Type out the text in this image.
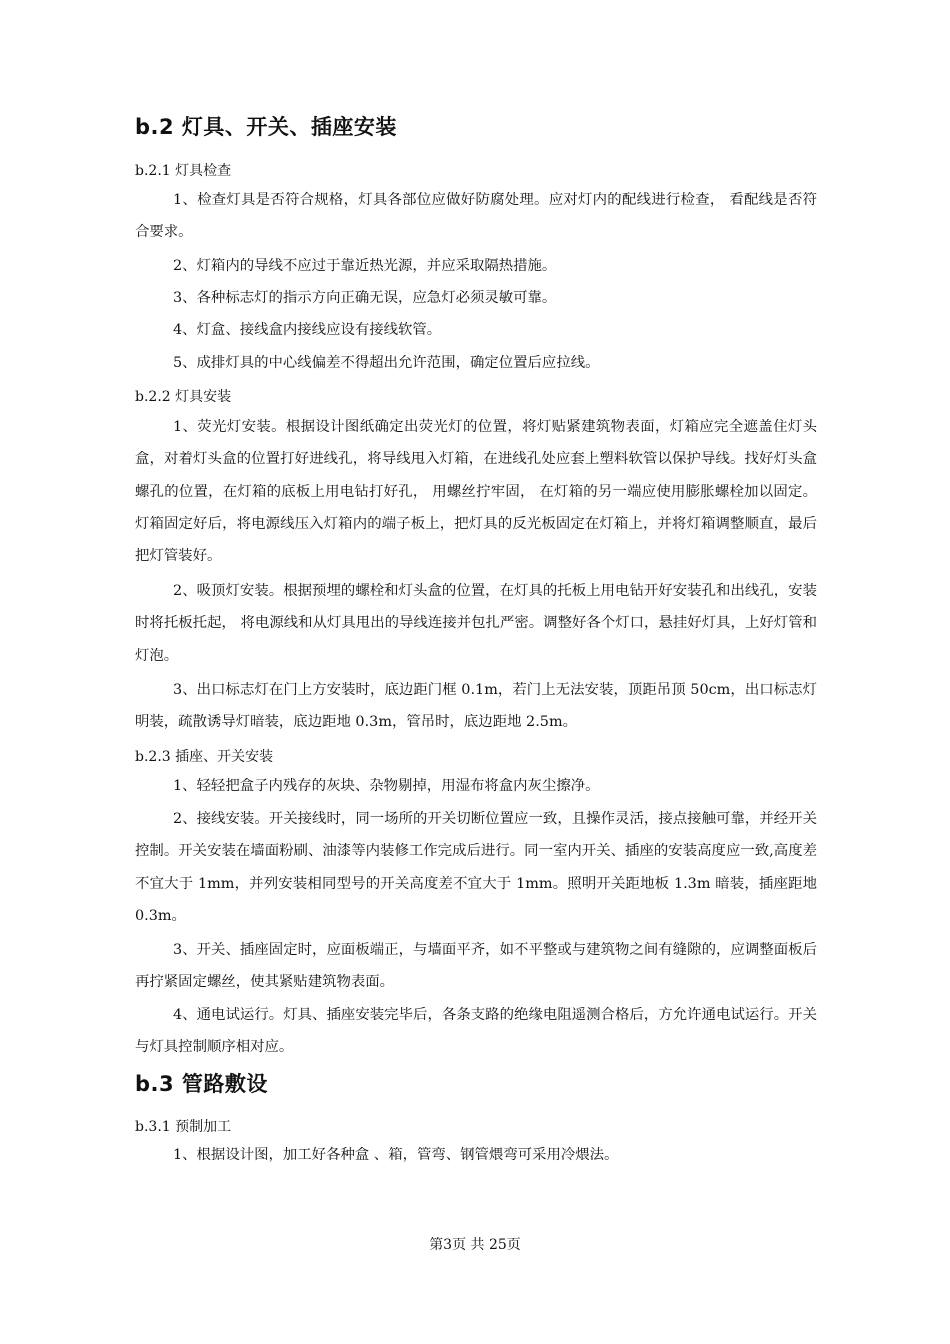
b.2 灯具、开关、插座安装
b.2.1 灯具检查

1、检查灯具是否符合规格，灯具各部位应做好防腐处理。应对灯内的配线进行检查， 看配线是否符合要求。

2、灯箱内的导线不应过于靠近热光源，并应采取隔热措施。

3、各种标志灯的指示方向正确无误，应急灯必须灵敏可靠。

4、灯盒、接线盒内接线应设有接线软管。

5、成排灯具的中心线偏差不得超出允许范围，确定位置后应拉线。

b.2.2 灯具安装

1、荧光灯安装。根据设计图纸确定出荧光灯的位置，将灯贴紧建筑物表面，灯箱应完全遮盖住灯头盒，对着灯头盒的位置打好进线孔，将导线甩入灯箱，在进线孔处应套上塑料软管以保护导线。找好灯头盒螺孔的位置，在灯箱的底板上用电钻打好孔， 用螺丝拧牢固， 在灯箱的另一端应使用膨胀螺栓加以固定。灯箱固定好后，将电源线压入灯箱内的端子板上，把灯具的反光板固定在灯箱上，并将灯箱调整顺直，最后把灯管装好。

2、吸顶灯安装。根据预埋的螺栓和灯头盒的位置，在灯具的托板上用电钻开好安装孔和出线孔，安装时将托板托起， 将电源线和从灯具甩出的导线连接并包扎严密。调整好各个灯口，悬挂好灯具，上好灯管和灯泡。

3、出口标志灯在门上方安装时，底边距门框 0.1m，若门上无法安装，顶距吊顶 50cm，出口标志灯明装，疏散诱导灯暗装，底边距地 0.3m，管吊时，底边距地 2.5m。

b.2.3 插座、开关安装

1、轻轻把盒子内残存的灰块、杂物剔掉，用湿布将盒内灰尘擦净。

2、接线安装。开关接线时，同一场所的开关切断位置应一致，且操作灵活，接点接触可靠，并经开关控制。开关安装在墙面粉刷、油漆等内装修工作完成后进行。同一室内开关、插座的安装高度应一致,高度差不宜大于 1mm，并列安装相同型号的开关高度差不宜大于 1mm。照明开关距地板 1.3m 暗装，插座距地 0.3m。

3、开关、插座固定时，应面板端正，与墙面平齐，如不平整或与建筑物之间有缝隙的，应调整面板后再拧紧固定螺丝，使其紧贴建筑物表面。

4、通电试运行。灯具、插座安装完毕后，各条支路的绝缘电阻遥测合格后，方允许通电试运行。开关与灯具控制顺序相对应。

b.3 管路敷设
b.3.1 预制加工

1、根据设计图，加工好各种盒 、箱，管弯、钢管煨弯可采用冷煨法。

第3页 共 25页
